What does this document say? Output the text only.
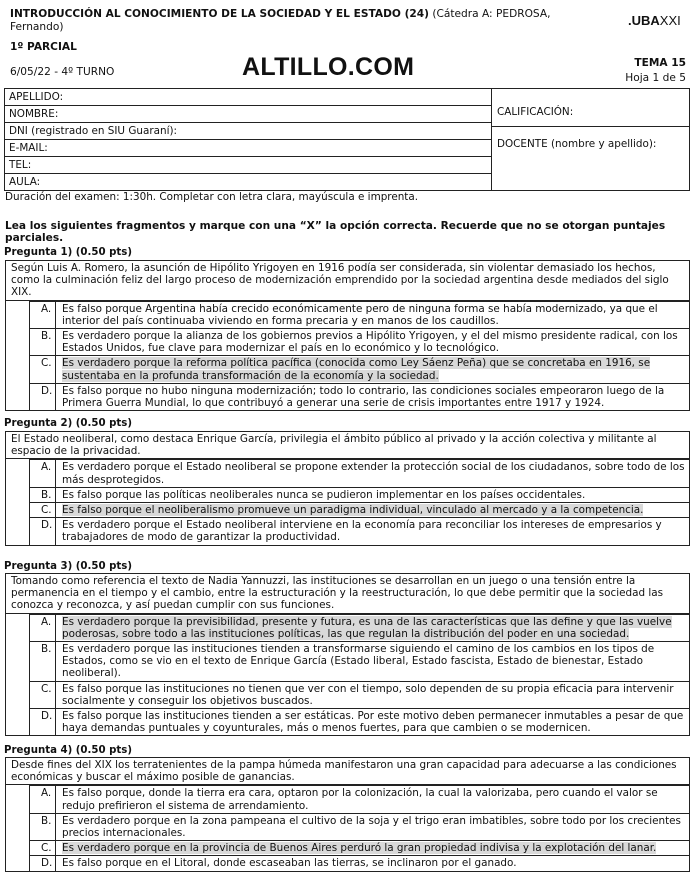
INTRODUCCIÓN AL CONOCIMIENTO DE LA SOCIEDAD Y EL ESTADO (24) (Cátedra A: PEDROSA, Fernando)
1º PARCIAL
6/05/22 - 4º TURNO	ALTILLO.COM
.UBAXXI
TEMA 15
Hoja 1 de 5
APELLIDO:	
CALIFICACIÓN:
DOCENTE (nombre y apellido):

NOMBRE:
DNI (registrado en SIU Guaraní):
E-MAIL:
TEL:
AULA:
Duración del examen: 1:30h. Completar con letra clara, mayúscula e imprenta.
Lea los siguientes fragmentos y marque con una “X” la opción correcta. Recuerde que no se otorgan puntajes parciales.
Pregunta 1) (0.50 pts)
Según Luis A. Romero, la asunción de Hipólito Yrigoyen en 1916 podía ser considerada, sin violentar demasiado los hechos, como la culminación feliz del largo proceso de modernización emprendido por la sociedad argentina desde mediados del siglo XIX.
A.	Es falso porque Argentina había crecido económicamente pero de ninguna forma se había modernizado, ya que el interior del país continuaba viviendo en forma precaria y en manos de los caudillos.
B.	Es verdadero porque la alianza de los gobiernos previos a Hipólito Yrigoyen, y el del mismo presidente radical, con los Estados Unidos, fue clave para modernizar el país en lo económico y lo tecnológico.
C.	Es verdadero porque la reforma política pacífica (conocida como Ley Sáenz Peña) que se concretaba en 1916, se sustentaba en la profunda transformación de la economía y la sociedad.
D. Es falso porque no hubo ninguna modernización; todo lo contrario, las condiciones sociales empeoraron luego de la Primera Guerra Mundial, lo que contribuyó a generar una serie de crisis importantes entre 1917 y 1924.
Pregunta 2) (0.50 pts)
El Estado neoliberal, como destaca Enrique García, privilegia el ámbito público al privado y la acción colectiva y militante al espacio de la privacidad.
A.	Es verdadero porque el Estado neoliberal se propone extender la protección social de los ciudadanos, sobre todo de los más desprotegidos.
B.	Es falso porque las políticas neoliberales nunca se pudieron implementar en los países occidentales.
C.	Es falso porque el neoliberalismo promueve un paradigma individual, vinculado al mercado y a la competencia.
D. Es verdadero porque el Estado neoliberal interviene en la economía para reconciliar los intereses de empresarios y trabajadores de modo de garantizar la productividad.
Pregunta 3) (0.50 pts)
Tomando como referencia el texto de Nadia Yannuzzi, las instituciones se desarrollan en un juego o una tensión entre la permanencia en el tiempo y el cambio, entre la estructuración y la reestructuración, lo que debe permitir que la sociedad las conozca y reconozca, y así puedan cumplir con sus funciones.
A.	Es verdadero porque la previsibilidad, presente y futura, es una de las características que las define y que las vuelve poderosas, sobre todo a las instituciones políticas, las que regulan la distribución del poder en una sociedad.
B.	Es verdadero porque las instituciones tienden a transformarse siguiendo el camino de los cambios en los tipos de Estados, como se vio en el texto de Enrique García (Estado liberal, Estado fascista, Estado de bienestar, Estado neoliberal).
C.	Es falso porque las instituciones no tienen que ver con el tiempo, solo dependen de su propia eficacia para intervenir socialmente y conseguir los objetivos buscados.
D. Es falso porque las instituciones tienden a ser estáticas. Por este motivo deben permanecer inmutables a pesar de que haya demandas puntuales y coyunturales, más o menos fuertes, para que cambien o se modernicen.
Pregunta 4) (0.50 pts)
Desde fines del XIX los terratenientes de la pampa húmeda manifestaron una gran capacidad para adecuarse a las condiciones económicas y buscar el máximo posible de ganancias.
A.	Es falso porque, donde la tierra era cara, optaron por la colonización, la cual la valorizaba, pero cuando el valor se redujo prefirieron el sistema de arrendamiento.
B.	Es verdadero porque en la zona pampeana el cultivo de la soja y el trigo eran imbatibles, sobre todo por los crecientes precios internacionales.
C.	Es verdadero porque en la provincia de Buenos Aires perduró la gran propiedad indivisa y la explotación del lanar.
D. Es falso porque en el Litoral, donde escaseaban las tierras, se inclinaron por el ganado.
